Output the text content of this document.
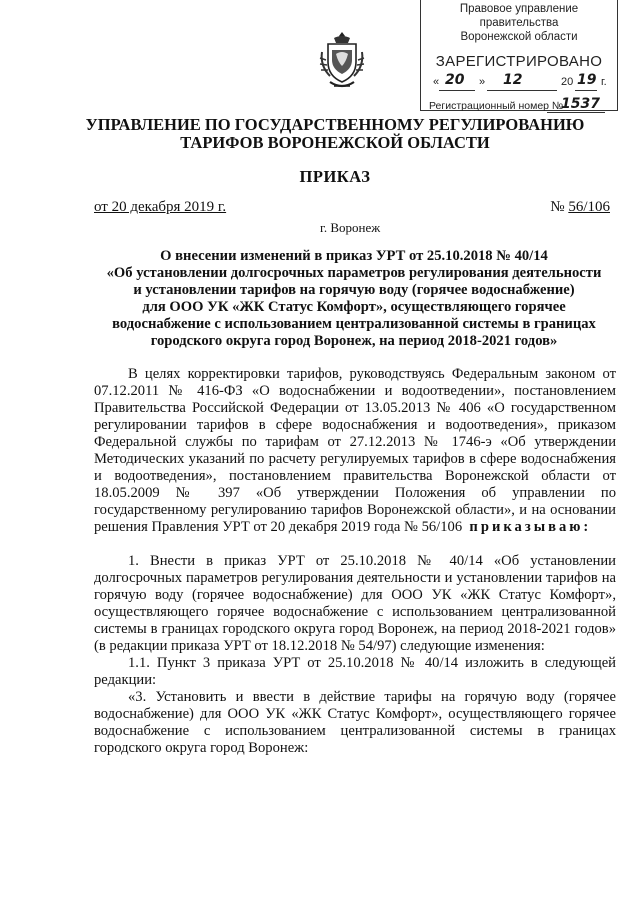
Правовое управление правительства
Воронежской области
ЗАРЕГИСТРИРОВАНО
« 20 » 12	20 19 г.
Регистрационный номер №
1537
УПРАВЛЕНИЕ ПО ГОСУДАРСТВЕННОМУ РЕГУЛИРОВАНИЮ
ТАРИФОВ ВОРОНЕЖСКОЙ ОБЛАСТИ
ПРИКАЗ
от 20 декабря 2019 г.	№ 56/106
г. Воронеж
О внесении изменений в приказ УРТ от 25.10.2018 № 40/14
«Об установлении долгосрочных параметров регулирования деятельности
и установлении тарифов на горячую воду (горячее водоснабжение)
для ООО УК «ЖК Статус Комфорт», осуществляющего горячее
водоснабжение с использованием централизованной системы в границах
городского округа город Воронеж, на период 2018-2021 годов»

В целях корректировки тарифов, руководствуясь Федеральным законом от 07.12.2011 № 416-ФЗ «О водоснабжении и водоотведении», постановлением Правительства Российской Федерации от 13.05.2013 № 406 «О государственном регулировании тарифов в сфере водоснабжения и водоотведения», приказом Федеральной службы по тарифам от 27.12.2013 № 1746-э «Об утверждении Методических указаний по расчету регулируемых тарифов в сфере водоснабжения и водоотведения», постановлением правительства Воронежской области от 18.05.2009 № 397 «Об утверждении Положения об управлении по государственному регулированию тарифов Воронежской области», и на основании решения Правления УРТ от 20 декабря 2019 года № 56/106 приказываю:

1. Внести в приказ УРТ от 25.10.2018 № 40/14 «Об установлении долгосрочных параметров регулирования деятельности и установлении тарифов на горячую воду (горячее водоснабжение) для ООО УК «ЖК Статус Комфорт», осуществляющего горячее водоснабжение с использованием централизованной системы в границах городского округа город Воронеж, на период 2018-2021 годов» (в редакции приказа УРТ от 18.12.2018 № 54/97) следующие изменения:

1.1. Пункт 3 приказа УРТ от 25.10.2018 № 40/14 изложить в следующей редакции:

«3. Установить и ввести в действие тарифы на горячую воду (горячее водоснабжение) для ООО УК «ЖК Статус Комфорт», осуществляющего горячее водоснабжение с использованием централизованной системы в границах городского округа город Воронеж:
